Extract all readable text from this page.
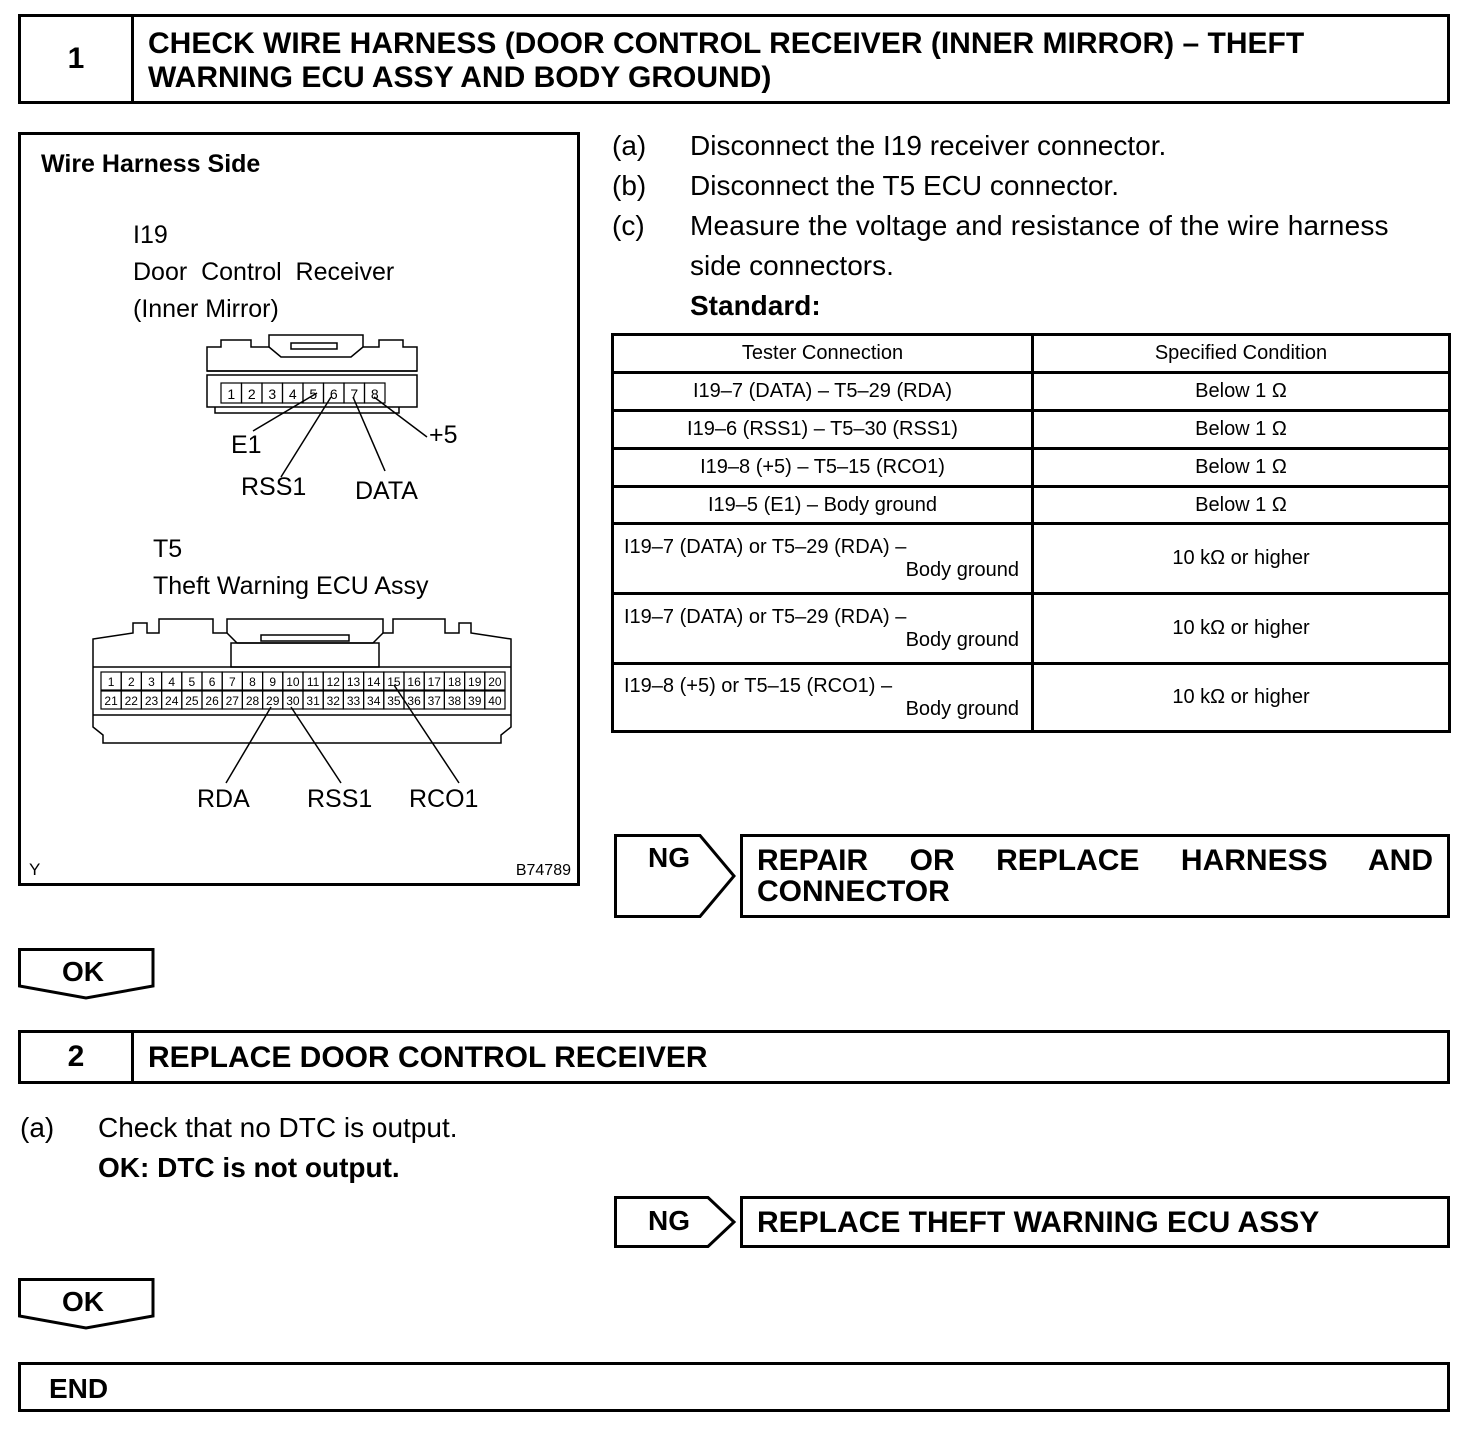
1	CHECK WIRE HARNESS (DOOR CONTROL RECEIVER (INNER MIRROR) – THEFT
WARNING ECU ASSY AND BODY GROUND)
Wire Harness Side
I19
Door  Control  Receiver
(Inner Mirror)
1 2 3 4 5 6 7 8
E1
RSS1 DATA
+5
T5
Theft Warning ECU Assy
1 2 3 4 5 6 7 8 9 10 11 12 13 14 15 16 17 18 19 20
21 22 23 24 25 26 27 28 29 30 31 32 33 34 35 36 37 38 39 40
RDA RSS1 RCO1
Y	B74789
(a) Disconnect the I19 receiver connector.
(b) Disconnect the T5 ECU connector.
(c) Measure the voltage and resistance of the wire harness
side connectors.
Standard:
Tester Connection	Specified Condition
I19–7 (DATA) – T5–29 (RDA)	Below 1 Ω
I19–6 (RSS1) – T5–30 (RSS1)	Below 1 Ω
I19–8 (+5) – T5–15 (RCO1)	Below 1 Ω
I19–5 (E1) – Body ground	Below 1 Ω

I19–7 (DATA) or T5–29 (RDA) –
Body ground	10 kΩ or higher

I19–7 (DATA) or T5–29 (RDA) –
Body ground	10 kΩ or higher

I19–8 (+5) or T5–15 (RCO1) –
Body ground	10 kΩ or higher
NG REPAIR  OR  REPLACE  HARNESS  AND
CONNECTOR
OK
2	REPLACE DOOR CONTROL RECEIVER
(a) Check that no DTC is output.
OK: DTC is not output.
NG	REPLACE THEFT WARNING ECU ASSY
OK
END
